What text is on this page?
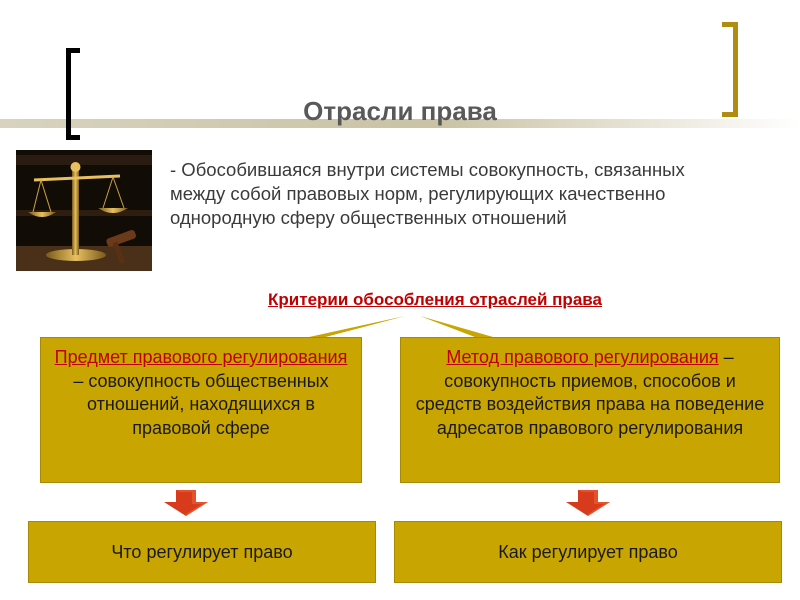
Отрасли права
- Обособившаяся внутри системы совокупность, связанных между собой правовых норм, регулирующих качественно однородную сферу общественных отношений
Критерии обособления отраслей права
Предмет правового регулирования – совокупность общественных отношений, находящихся в правовой сфере
Метод правового регулирования – совокупность приемов, способов и средств воздействия права на поведение адресатов правового регулирования
Что регулирует право	Как регулирует право
